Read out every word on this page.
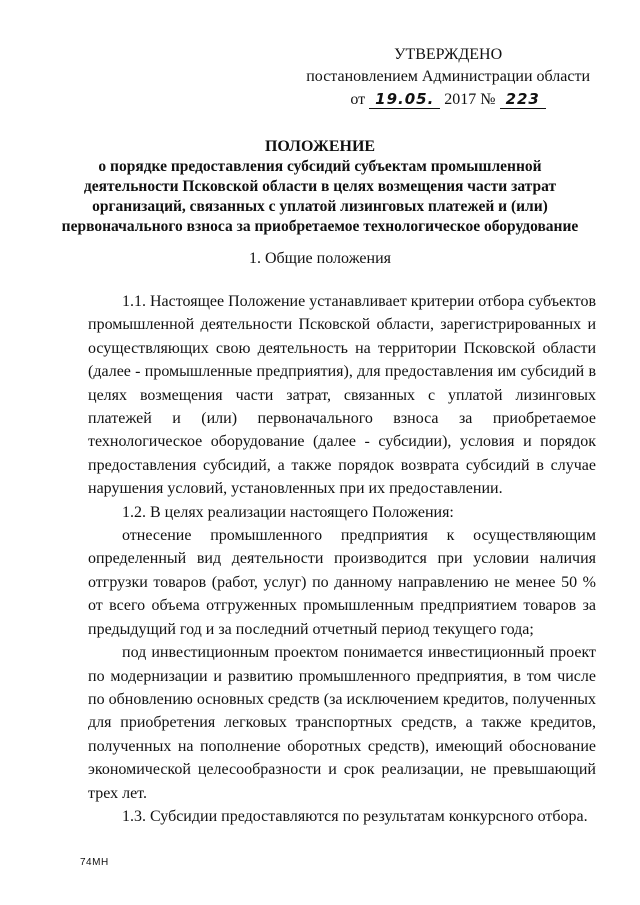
УТВЕРЖДЕНО
постановлением Администрации области
от 19.05. 2017 № 223
ПОЛОЖЕНИЕ
о порядке предоставления субсидий субъектам промышленной
деятельности Псковской области в целях возмещения части затрат
организаций, связанных с уплатой лизинговых платежей и (или)
первоначального взноса за приобретаемое технологическое оборудование
1. Общие положения

1.1. Настоящее Положение устанавливает критерии отбора субъектов промышленной деятельности Псковской области, зарегистрированных и осуществляющих свою деятельность на территории Псковской области (далее - промышленные предприятия), для предоставления им субсидий в целях возмещения части затрат, связанных с уплатой лизинговых платежей и (или) первоначального взноса за приобретаемое технологическое оборудование (далее - субсидии), условия и порядок предоставления субсидий, а также порядок возврата субсидий в случае нарушения условий, установленных при их предоставлении.

1.2. В целях реализации настоящего Положения:

отнесение промышленного предприятия к осуществляющим определенный вид деятельности производится при условии наличия отгрузки товаров (работ, услуг) по данному направлению не менее 50 % от всего объема отгруженных промышленным предприятием товаров за предыдущий год и за последний отчетный период текущего года;

под инвестиционным проектом понимается инвестиционный проект по модернизации и развитию промышленного предприятия, в том числе по обновлению основных средств (за исключением кредитов, полученных для приобретения легковых транспортных средств, а также кредитов, полученных на пополнение оборотных средств), имеющий обоснование экономической целесообразности и срок реализации, не превышающий трех лет.

1.3. Субсидии предоставляются по результатам конкурсного отбора.

74МН
